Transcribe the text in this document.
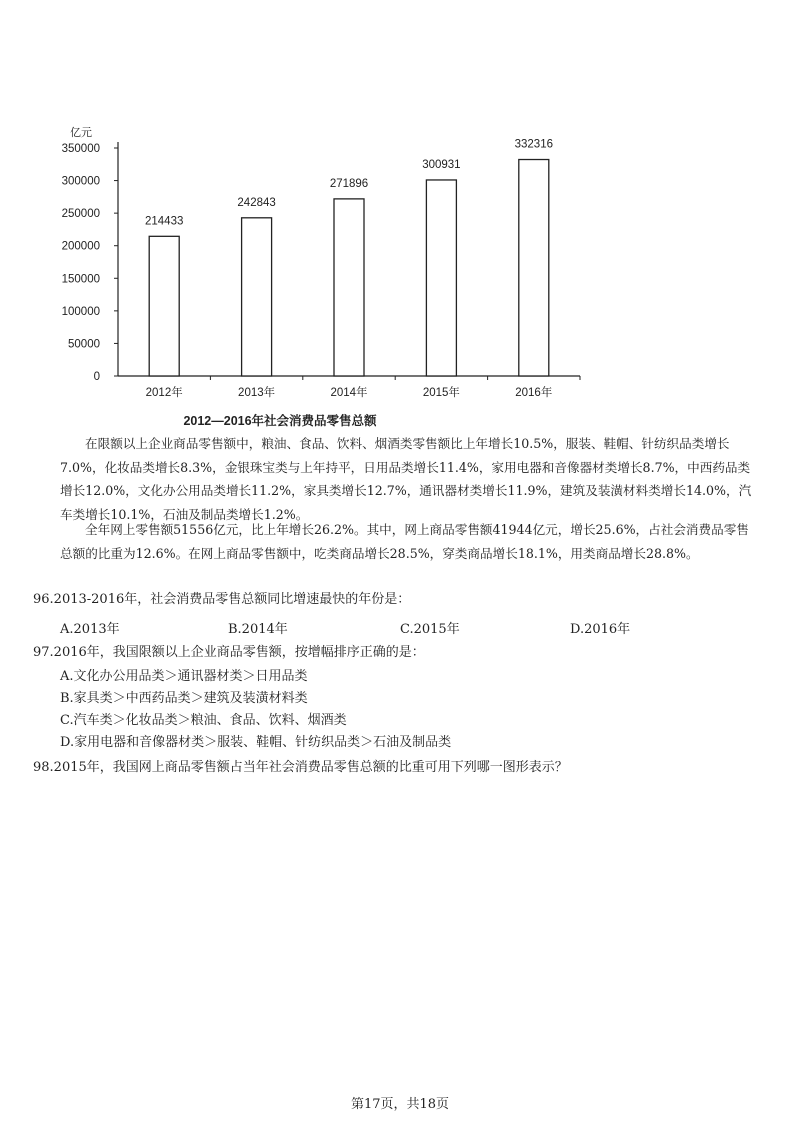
亿元
2012—2016年社会消费品零售总额
0
50000
100000
150000
200000
250000
300000
350000
214433
2012年
242843
2013年
271896
2014年
300931
2015年
332316
2016年

在限额以上企业商品零售额中，粮油、食品、饮料、烟酒类零售额比上年增长10.5%，服装、鞋帽、针纺织品类增长7.0%，化妆品类增长8.3%，金银珠宝类与上年持平，日用品类增长11.4%，家用电器和音像器材类增长8.7%，中西药品类增长12.0%，文化办公用品类增长11.2%，家具类增长12.7%，通讯器材类增长11.9%，建筑及装潢材料类增长14.0%，汽车类增长10.1%，石油及制品类增长1.2%。

全年网上零售额51556亿元，比上年增长26.2%。其中，网上商品零售额41944亿元，增长25.6%，占社会消费品零售总额的比重为12.6%。在网上商品零售额中，吃类商品增长28.5%，穿类商品增长18.1%，用类商品增长28.8%。

96.2013-2016年，社会消费品零售总额同比增速最快的年份是：

A.2013年	B.2014年	C.2015年	D.2016年

97.2016年，我国限额以上企业商品零售额，按增幅排序正确的是：

A.文化办公用品类＞通讯器材类＞日用品类

B.家具类＞中西药品类＞建筑及装潢材料类

C.汽车类＞化妆品类＞粮油、食品、饮料、烟酒类

D.家用电器和音像器材类＞服装、鞋帽、针纺织品类＞石油及制品类

98.2015年，我国网上商品零售额占当年社会消费品零售总额的比重可用下列哪一图形表示？

第17页，共18页
